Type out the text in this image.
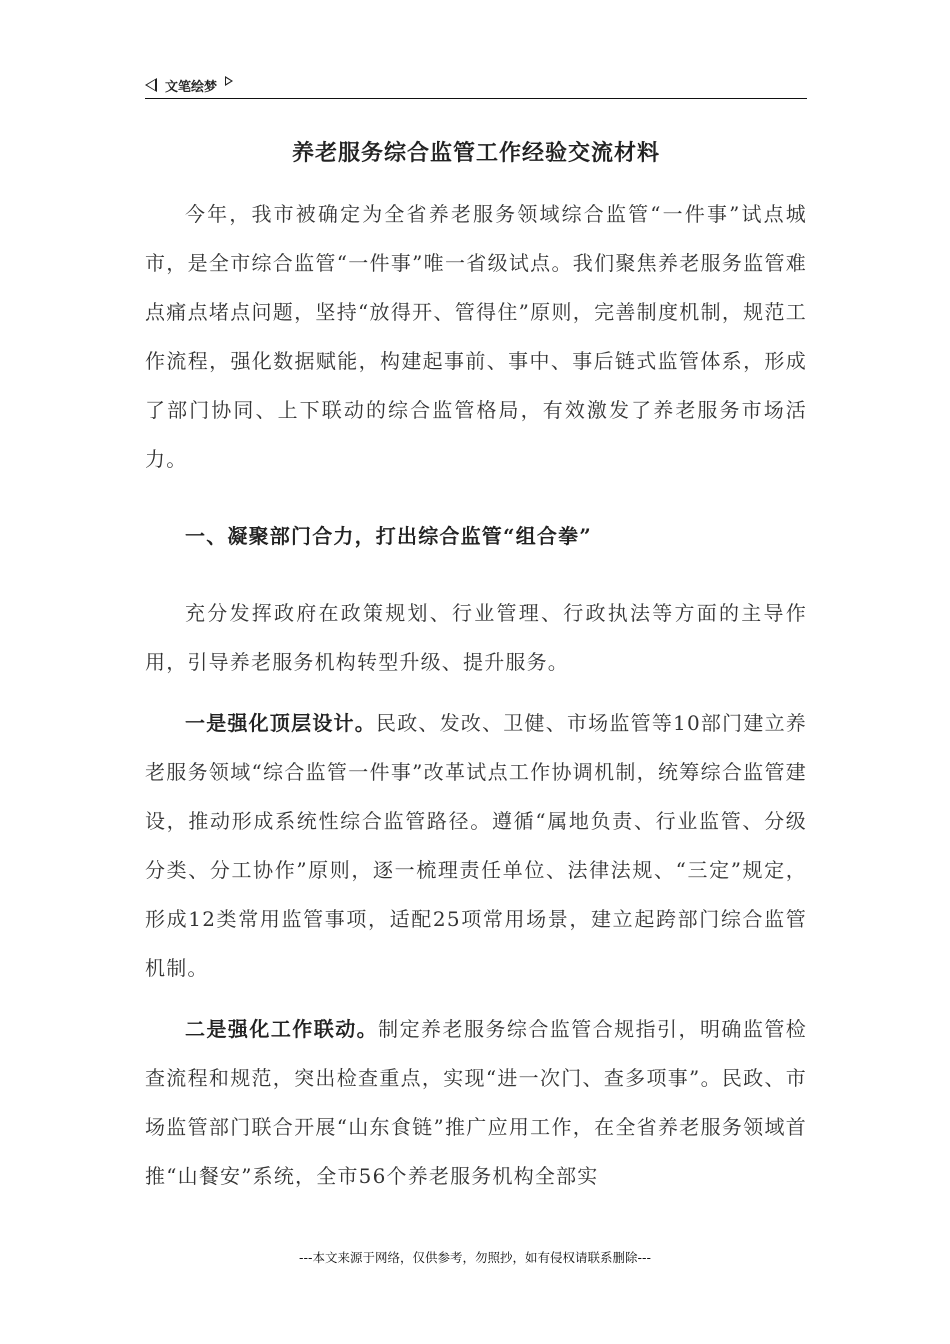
文笔绘梦
养老服务综合监管工作经验交流材料

今年，我市被确定为全省养老服务领域综合监管“一件事”试点城市，是全市综合监管“一件事”唯一省级试点。我们聚焦养老服务监管难点痛点堵点问题，坚持“放得开、管得住”原则，完善制度机制，规范工作流程，强化数据赋能，构建起事前、事中、事后链式监管体系，形成了部门协同、上下联动的综合监管格局，有效激发了养老服务市场活力。

一、凝聚部门合力，打出综合监管“组合拳”

充分发挥政府在政策规划、行业管理、行政执法等方面的主导作用，引导养老服务机构转型升级、提升服务。

一是强化顶层设计。民政、发改、卫健、市场监管等10部门建立养老服务领域“综合监管一件事”改革试点工作协调机制，统筹综合监管建设，推动形成系统性综合监管路径。遵循“属地负责、行业监管、分级分类、分工协作”原则，逐一梳理责任单位、法律法规、“三定”规定，形成12类常用监管事项，适配25项常用场景，建立起跨部门综合监管机制。

二是强化工作联动。制定养老服务综合监管合规指引，明确监管检查流程和规范，突出检查重点，实现“进一次门、查多项事”。民政、市场监管部门联合开展“山东食链”推广应用工作，在全省养老服务领域首推“山餐安”系统，全市56个养老服务机构全部实

---本文来源于网络，仅供参考，勿照抄，如有侵权请联系删除---
